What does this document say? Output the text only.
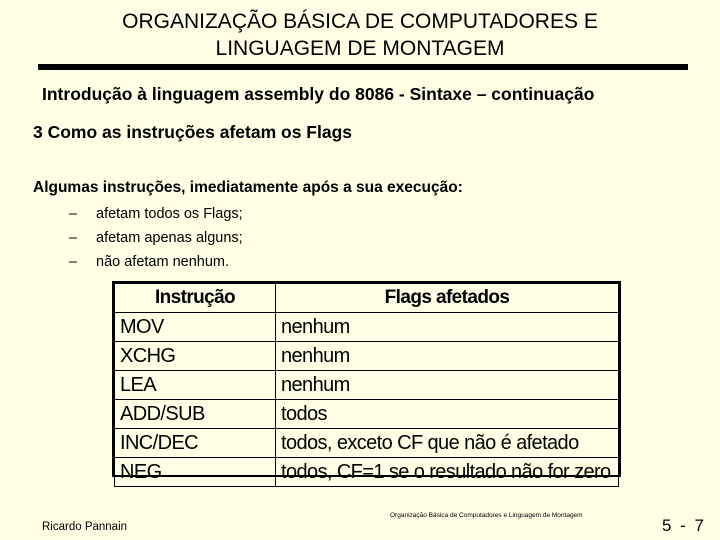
ORGANIZAÇÃO BÁSICA DE COMPUTADORES E
LINGUAGEM DE MONTAGEM
Introdução à linguagem assembly do 8086 - Sintaxe – continuação
3 Como as instruções afetam os Flags
Algumas instruções, imediatamente após a sua execução:
– afetam todos os Flags;
– afetam apenas alguns;
– não afetam nenhum.
Instrução	Flags afetados
MOV	nenhum
XCHG	nenhum
LEA	nenhum
ADD/SUB	todos
INC/DEC	todos, exceto CF que não é afetado
NEG	todos, CF=1 se o resultado não for zero
Ricardo Pannain
Organização Básica de Computadores e Linguagem de Montagem
5 - 7
